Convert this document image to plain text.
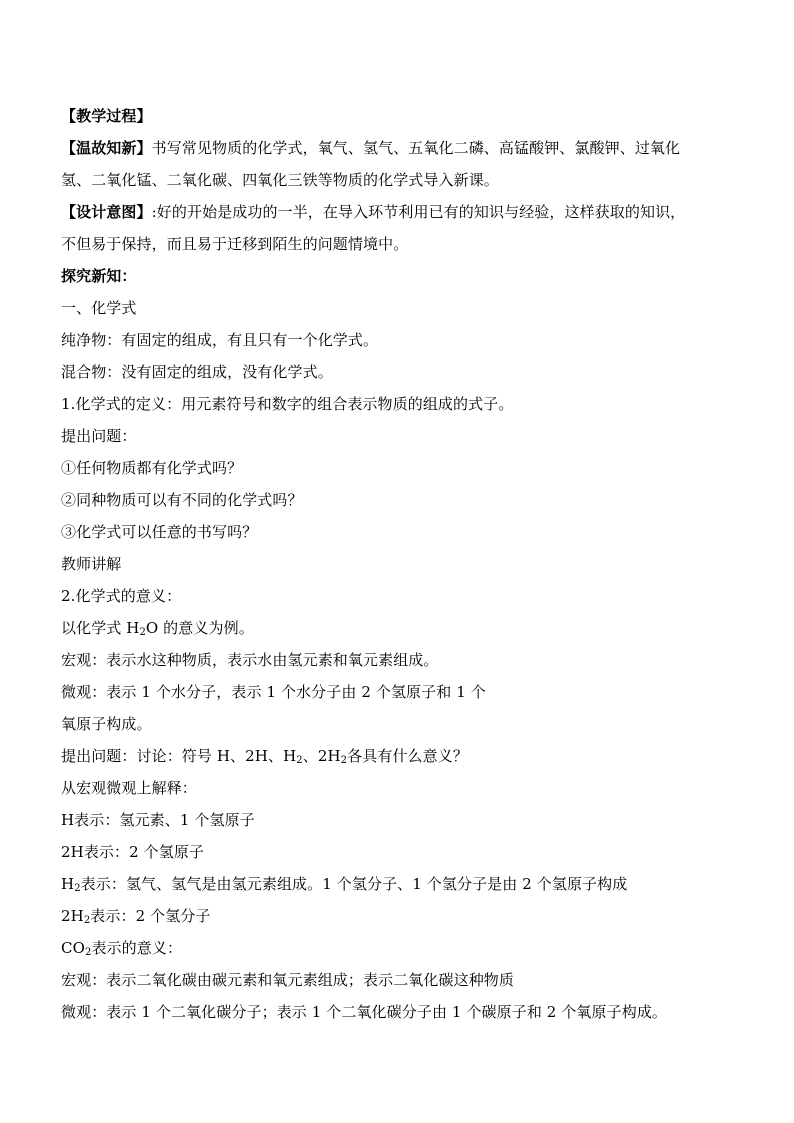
【教学过程】
【温故知新】书写常见物质的化学式，氧气、氢气、五氧化二磷、高锰酸钾、氯酸钾、过氧化
氢、二氧化锰、二氧化碳、四氧化三铁等物质的化学式导入新课。
【设计意图】:好的开始是成功的一半，在导入环节利用已有的知识与经验，这样获取的知识，
不但易于保持，而且易于迁移到陌生的问题情境中。
探究新知：
一、化学式
纯净物：有固定的组成，有且只有一个化学式。
混合物：没有固定的组成，没有化学式。
1.化学式的定义：用元素符号和数字的组合表示物质的组成的式子。
提出问题：
①任何物质都有化学式吗？
②同种物质可以有不同的化学式吗？
③化学式可以任意的书写吗？
教师讲解
2.化学式的意义：
以化学式 $H_2O$ 的意义为例。
宏观：表示水这种物质，表示水由氢元素和氧元素组成。
微观：表示 1 个水分子，表示 1 个水分子由 2 个氢原子和 1 个
氧原子构成。
提出问题：讨论：符号 H、2H、$H_2$、$2H_2$各具有什么意义？
从宏观微观上解释：
H表示：氢元素、1 个氢原子
2H表示：2 个氢原子
$H_2$表示：氢气、氢气是由氢元素组成。1 个氢分子、1 个氢分子是由 2 个氢原子构成
$2H_2$表示：2 个氢分子
$CO_2$表示的意义：
宏观：表示二氧化碳由碳元素和氧元素组成；表示二氧化碳这种物质
微观：表示 1 个二氧化碳分子；表示 1 个二氧化碳分子由 1 个碳原子和 2 个氧原子构成。
